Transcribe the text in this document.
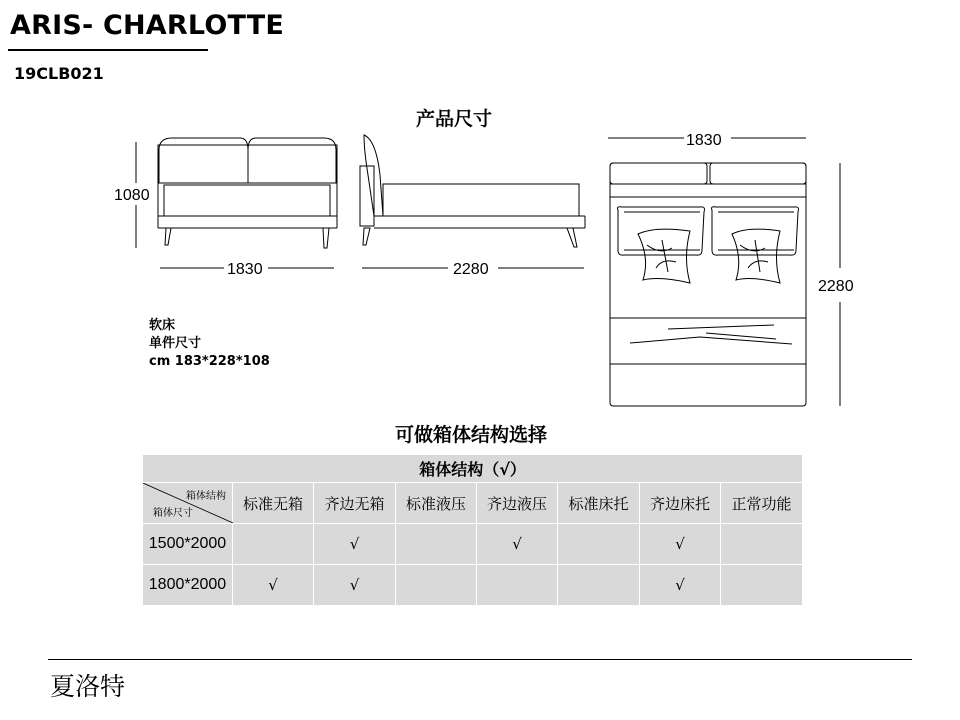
ARIS- CHARLOTTE
19CLB021
产品尺寸
1080
1830	2280
1830
2280
软床
单件尺寸
cm 183*228*108
可做箱体结构选择
箱体结构（√）							

箱体结构
箱体尺寸	标准无箱	齐边无箱	标准液压	齐边液压	标准床托	齐边床托	正常功能
1500*2000		√		√		√	
1800*2000	√	√				√	
夏洛特
